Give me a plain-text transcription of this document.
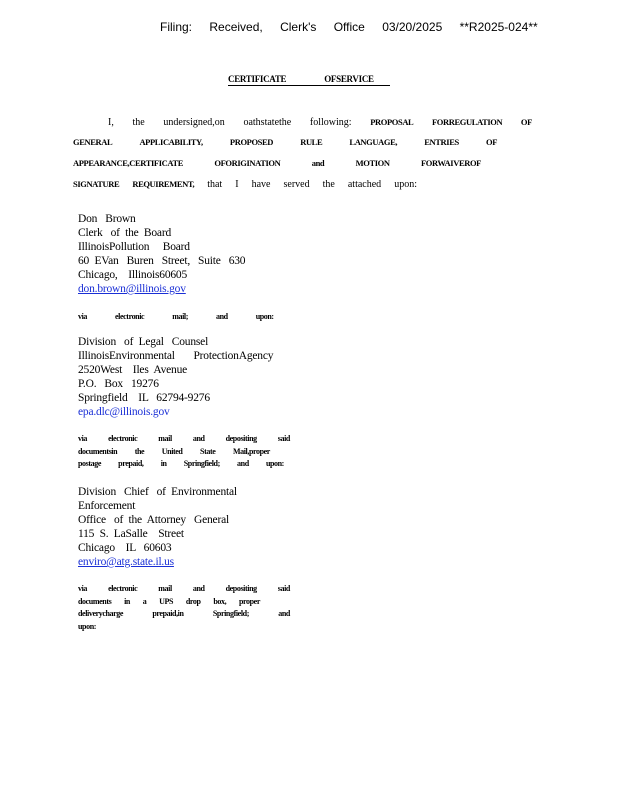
Filing: Received, Clerk's Office 03/20/2025 **R2025-024**
CERTIFICATE	OFSERVICE
I, the undersigned,on oathstatethe following: PROPOSAL FORREGULATION OF
GENERAL	APPLICABILITY,	PROPOSED	RULE	LANGUAGE,	ENTRIES	OF
APPEARANCE,CERTIFICATE	OFORIGINATION	and	MOTION	FORWAIVEROF
SIGNATURE REQUIREMENT, that I have served the attached upon:
Don   Brown
Clerk   of  the  Board
IllinoisPollution     Board
60  EVan   Buren   Street,   Suite   630
Chicago,    Illinois60605
don.brown@illinois.gov
via	electronic	mail;	and	upon:
Division   of  Legal   Counsel
IllinoisEnvironmental       ProtectionAgency
2520West    Iles  Avenue
P.O.   Box   19276
Springfield    IL   62794-9276
epa.dlc@illinois.gov
via	electronic	mail	and	depositing	said
documentsin the United State Mail,proper
postage prepaid, in Springfield; and upon:
Division   Chief   of  Environmental
Enforcement
Office   of  the  Attorney   General
115  S.  LaSalle    Street
Chicago    IL   60603
enviro@atg.state.il.us
via	electronic	mail	and	depositing	said
documents in a UPS drop box, proper
deliverycharge	prepaid,in	Springfield;	and
upon:
